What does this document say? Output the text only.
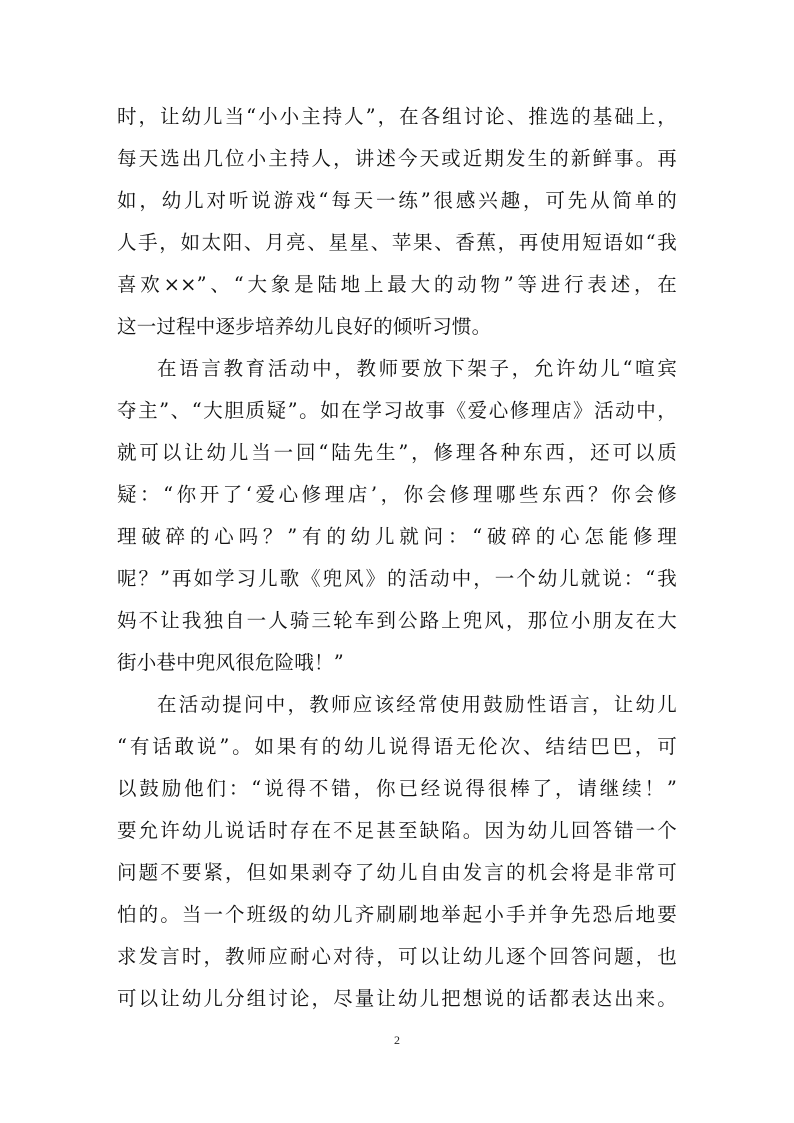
时，让幼儿当“小小主持人”，在各组讨论、推选的基础上，
每天选出几位小主持人，讲述今天或近期发生的新鲜事。再
如，幼儿对听说游戏“每天一练”很感兴趣，可先从简单的
人手，如太阳、月亮、星星、苹果、香蕉，再使用短语如“我
喜欢××”、“大象是陆地上最大的动物”等进行表述，在
这一过程中逐步培养幼儿良好的倾听习惯。
在语言教育活动中，教师要放下架子，允许幼儿“喧宾
夺主”、“大胆质疑”。如在学习故事《爱心修理店》活动中，
就可以让幼儿当一回“陆先生”，修理各种东西，还可以质
疑：“你开了‘爱心修理店’，你会修理哪些东西？你会修
理破碎的心吗？”有的幼儿就问：“破碎的心怎能修理
呢？”再如学习儿歌《兜风》的活动中，一个幼儿就说：“我
妈不让我独自一人骑三轮车到公路上兜风，那位小朋友在大
街小巷中兜风很危险哦！”
在活动提问中，教师应该经常使用鼓励性语言，让幼儿
“有话敢说”。如果有的幼儿说得语无伦次、结结巴巴，可
以鼓励他们：“说得不错，你已经说得很棒了，请继续！”
要允许幼儿说话时存在不足甚至缺陷。因为幼儿回答错一个
问题不要紧，但如果剥夺了幼儿自由发言的机会将是非常可
怕的。当一个班级的幼儿齐刷刷地举起小手并争先恐后地要
求发言时，教师应耐心对待，可以让幼儿逐个回答问题，也
可以让幼儿分组讨论，尽量让幼儿把想说的话都表达出来。
2
